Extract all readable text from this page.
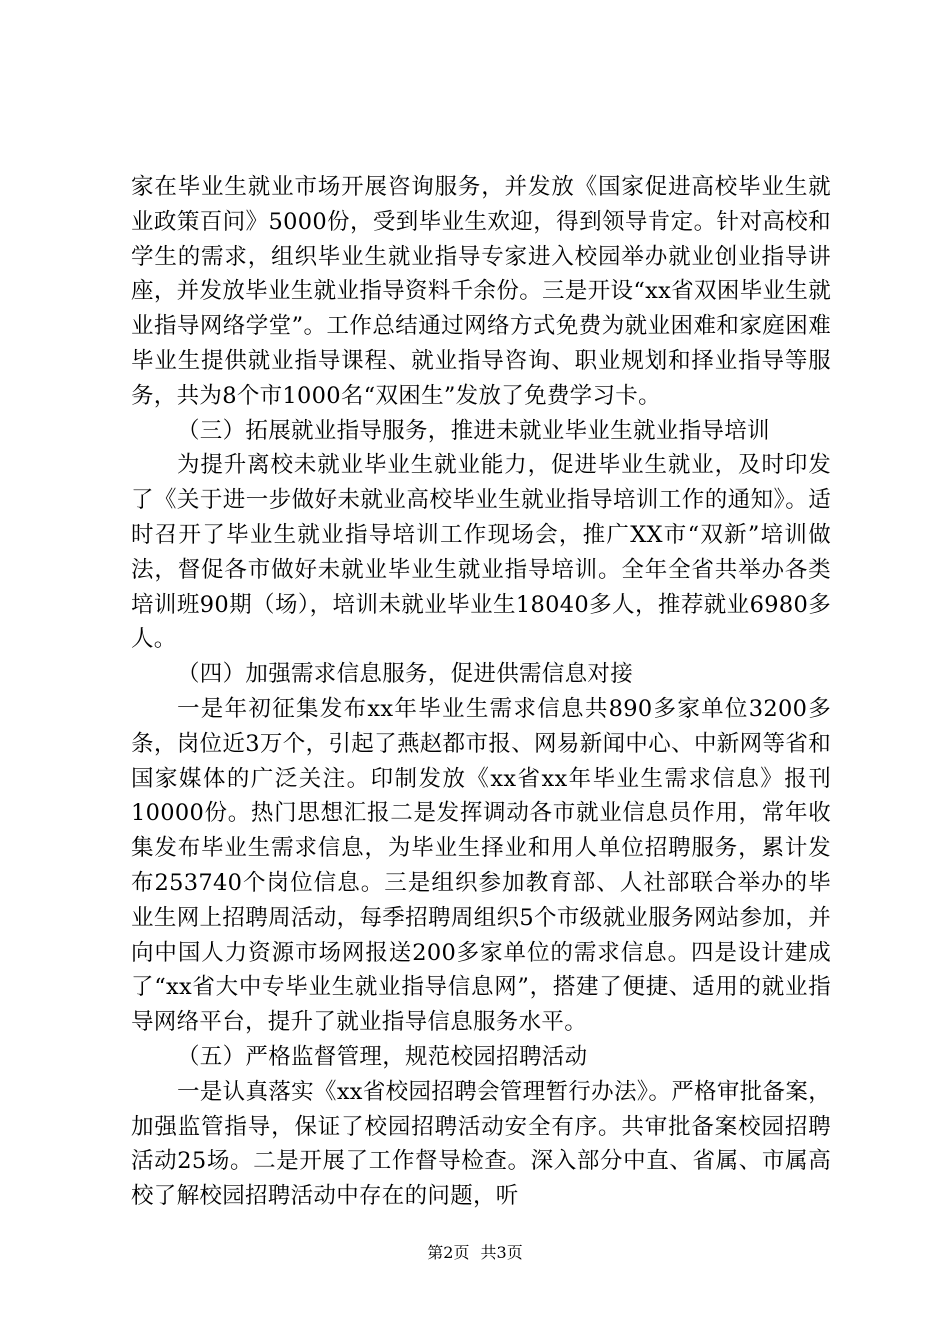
家在毕业生就业市场开展咨询服务，并发放《国家促进高校毕业生就业政策百问》5000份，受到毕业生欢迎，得到领导肯定。针对高校和学生的需求，组织毕业生就业指导专家进入校园举办就业创业指导讲座，并发放毕业生就业指导资料千余份。三是开设“xx省双困毕业生就业指导网络学堂”。工作总结通过网络方式免费为就业困难和家庭困难毕业生提供就业指导课程、就业指导咨询、职业规划和择业指导等服务，共为8个市1000名“双困生”发放了免费学习卡。

（三）拓展就业指导服务，推进未就业毕业生就业指导培训

为提升离校未就业毕业生就业能力，促进毕业生就业，及时印发了《关于进一步做好未就业高校毕业生就业指导培训工作的通知》。适时召开了毕业生就业指导培训工作现场会，推广XX市“双新”培训做法，督促各市做好未就业毕业生就业指导培训。全年全省共举办各类培训班90期（场），培训未就业毕业生18040多人，推荐就业6980多人。

（四）加强需求信息服务，促进供需信息对接

一是年初征集发布xx年毕业生需求信息共890多家单位3200多条，岗位近3万个，引起了燕赵都市报、网易新闻中心、中新网等省和国家媒体的广泛关注。印制发放《xx省xx年毕业生需求信息》报刊10000份。热门思想汇报二是发挥调动各市就业信息员作用，常年收集发布毕业生需求信息，为毕业生择业和用人单位招聘服务，累计发布253740个岗位信息。三是组织参加教育部、人社部联合举办的毕业生网上招聘周活动，每季招聘周组织5个市级就业服务网站参加，并向中国人力资源市场网报送200多家单位的需求信息。四是设计建成了“xx省大中专毕业生就业指导信息网”，搭建了便捷、适用的就业指导网络平台，提升了就业指导信息服务水平。

（五）严格监督管理，规范校园招聘活动

一是认真落实《xx省校园招聘会管理暂行办法》。严格审批备案，加强监管指导，保证了校园招聘活动安全有序。共审批备案校园招聘活动25场。二是开展了工作督导检查。深入部分中直、省属、市属高校了解校园招聘活动中存在的问题，听

第2页 共3页
